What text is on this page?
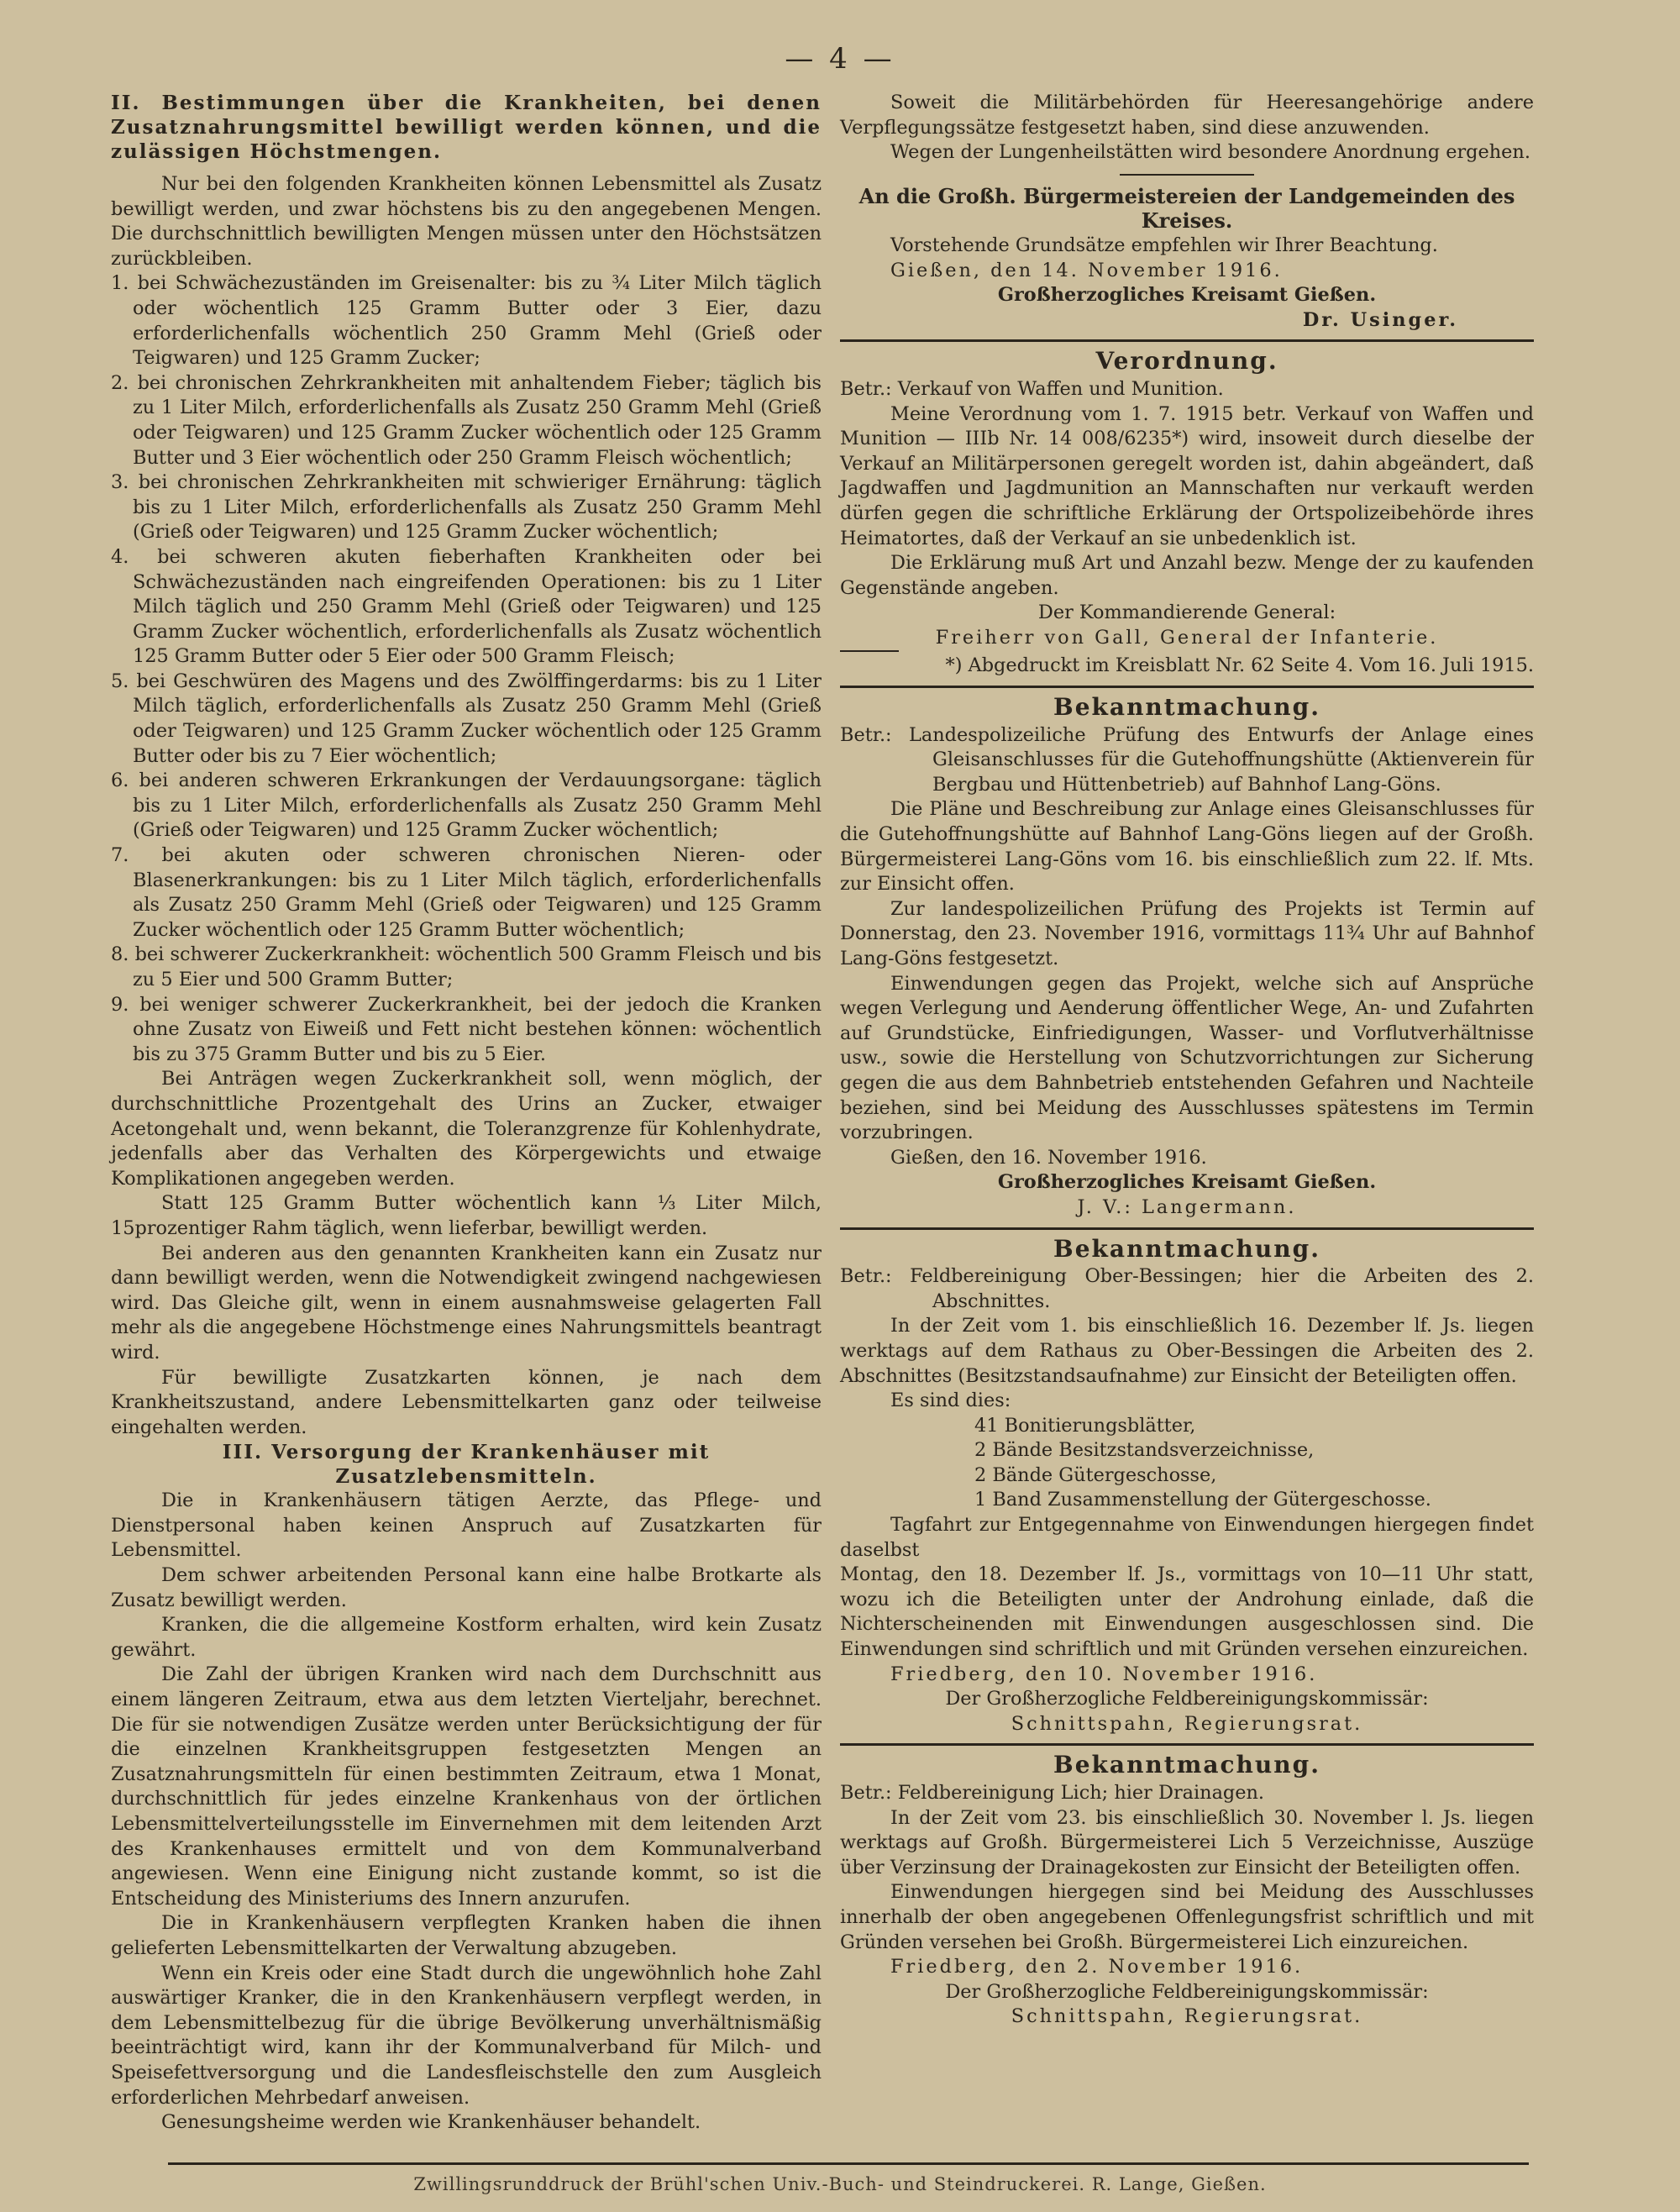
— 4 —

II. Bestimmungen über die Krankheiten, bei denen Zusatznahrungsmittel bewilligt werden können, und die zulässigen Höchstmengen.

Nur bei den folgenden Krankheiten können Lebensmittel als Zusatz bewilligt werden, und zwar höchstens bis zu den angegebenen Mengen. Die durchschnittlich bewilligten Mengen müssen unter den Höchstsätzen zurückbleiben.

1. bei Schwächezuständen im Greisenalter: bis zu ¾ Liter Milch täglich oder wöchentlich 125 Gramm Butter oder 3 Eier, dazu erforderlichenfalls wöchentlich 250 Gramm Mehl (Grieß oder Teigwaren) und 125 Gramm Zucker;

2. bei chronischen Zehrkrankheiten mit anhaltendem Fieber; täglich bis zu 1 Liter Milch, erforderlichenfalls als Zusatz 250 Gramm Mehl (Grieß oder Teigwaren) und 125 Gramm Zucker wöchentlich oder 125 Gramm Butter und 3 Eier wöchentlich oder 250 Gramm Fleisch wöchentlich;

3. bei chronischen Zehrkrankheiten mit schwieriger Ernährung: täglich bis zu 1 Liter Milch, erforderlichenfalls als Zusatz 250 Gramm Mehl (Grieß oder Teigwaren) und 125 Gramm Zucker wöchentlich;

4. bei schweren akuten fieberhaften Krankheiten oder bei Schwächezuständen nach eingreifenden Operationen: bis zu 1 Liter Milch täglich und 250 Gramm Mehl (Grieß oder Teigwaren) und 125 Gramm Zucker wöchentlich, erforderlichenfalls als Zusatz wöchentlich 125 Gramm Butter oder 5 Eier oder 500 Gramm Fleisch;

5. bei Geschwüren des Magens und des Zwölffingerdarms: bis zu 1 Liter Milch täglich, erforderlichenfalls als Zusatz 250 Gramm Mehl (Grieß oder Teigwaren) und 125 Gramm Zucker wöchentlich oder 125 Gramm Butter oder bis zu 7 Eier wöchentlich;

6. bei anderen schweren Erkrankungen der Verdauungsorgane: täglich bis zu 1 Liter Milch, erforderlichenfalls als Zusatz 250 Gramm Mehl (Grieß oder Teigwaren) und 125 Gramm Zucker wöchentlich;

7. bei akuten oder schweren chronischen Nieren- oder Blasenerkrankungen: bis zu 1 Liter Milch täglich, erforderlichenfalls als Zusatz 250 Gramm Mehl (Grieß oder Teigwaren) und 125 Gramm Zucker wöchentlich oder 125 Gramm Butter wöchentlich;

8. bei schwerer Zuckerkrankheit: wöchentlich 500 Gramm Fleisch und bis zu 5 Eier und 500 Gramm Butter;

9. bei weniger schwerer Zuckerkrankheit, bei der jedoch die Kranken ohne Zusatz von Eiweiß und Fett nicht bestehen können: wöchentlich bis zu 375 Gramm Butter und bis zu 5 Eier.

Bei Anträgen wegen Zuckerkrankheit soll, wenn möglich, der durchschnittliche Prozentgehalt des Urins an Zucker, etwaiger Acetongehalt und, wenn bekannt, die Toleranzgrenze für Kohlenhydrate, jedenfalls aber das Verhalten des Körpergewichts und etwaige Komplikationen angegeben werden.

Statt 125 Gramm Butter wöchentlich kann ⅓ Liter Milch, 15prozentiger Rahm täglich, wenn lieferbar, bewilligt werden.

Bei anderen aus den genannten Krankheiten kann ein Zusatz nur dann bewilligt werden, wenn die Notwendigkeit zwingend nachgewiesen wird. Das Gleiche gilt, wenn in einem ausnahmsweise gelagerten Fall mehr als die angegebene Höchstmenge eines Nahrungsmittels beantragt wird.

Für bewilligte Zusatzkarten können, je nach dem Krankheitszustand, andere Lebensmittelkarten ganz oder teilweise eingehalten werden.

III. Versorgung der Krankenhäuser mit Zusatzlebensmitteln.

Die in Krankenhäusern tätigen Aerzte, das Pflege- und Dienstpersonal haben keinen Anspruch auf Zusatzkarten für Lebensmittel.

Dem schwer arbeitenden Personal kann eine halbe Brotkarte als Zusatz bewilligt werden.

Kranken, die die allgemeine Kostform erhalten, wird kein Zusatz gewährt.

Die Zahl der übrigen Kranken wird nach dem Durchschnitt aus einem längeren Zeitraum, etwa aus dem letzten Vierteljahr, berechnet. Die für sie notwendigen Zusätze werden unter Berücksichtigung der für die einzelnen Krankheitsgruppen festgesetzten Mengen an Zusatznahrungsmitteln für einen bestimmten Zeitraum, etwa 1 Monat, durchschnittlich für jedes einzelne Krankenhaus von der örtlichen Lebensmittelverteilungsstelle im Einvernehmen mit dem leitenden Arzt des Krankenhauses ermittelt und von dem Kommunalverband angewiesen. Wenn eine Einigung nicht zustande kommt, so ist die Entscheidung des Ministeriums des Innern anzurufen.

Die in Krankenhäusern verpflegten Kranken haben die ihnen gelieferten Lebensmittelkarten der Verwaltung abzugeben.

Wenn ein Kreis oder eine Stadt durch die ungewöhnlich hohe Zahl auswärtiger Kranker, die in den Krankenhäusern verpflegt werden, in dem Lebensmittelbezug für die übrige Bevölkerung unverhältnismäßig beeinträchtigt wird, kann ihr der Kommunalverband für Milch- und Speisefettversorgung und die Landesfleischstelle den zum Ausgleich erforderlichen Mehrbedarf anweisen.

Genesungsheime werden wie Krankenhäuser behandelt.

Soweit die Militärbehörden für Heeresangehörige andere Verpflegungssätze festgesetzt haben, sind diese anzuwenden.

Wegen der Lungenheilstätten wird besondere Anordnung ergehen.

An die Großh. Bürgermeistereien der Landgemeinden des Kreises.

Vorstehende Grundsätze empfehlen wir Ihrer Beachtung.

Gießen, den 14. November 1916.

Großherzogliches Kreisamt Gießen.

Dr. Usinger.

Verordnung.

Betr.: Verkauf von Waffen und Munition.

Meine Verordnung vom 1. 7. 1915 betr. Verkauf von Waffen und Munition — IIIb Nr. 14 008/6235*) wird, insoweit durch dieselbe der Verkauf an Militärpersonen geregelt worden ist, dahin abgeändert, daß Jagdwaffen und Jagdmunition an Mannschaften nur verkauft werden dürfen gegen die schriftliche Erklärung der Ortspolizeibehörde ihres Heimatortes, daß der Verkauf an sie unbedenklich ist.

Die Erklärung muß Art und Anzahl bezw. Menge der zu kaufenden Gegenstände angeben.

Der Kommandierende General:

Freiherr von Gall, General der Infanterie.

*) Abgedruckt im Kreisblatt Nr. 62 Seite 4. Vom 16. Juli 1915.

Bekanntmachung.

Betr.: Landespolizeiliche Prüfung des Entwurfs der Anlage eines Gleisanschlusses für die Gutehoffnungshütte (Aktienverein für Bergbau und Hüttenbetrieb) auf Bahnhof Lang-Göns.

Die Pläne und Beschreibung zur Anlage eines Gleisanschlusses für die Gutehoffnungshütte auf Bahnhof Lang-Göns liegen auf der Großh. Bürgermeisterei Lang-Göns vom 16. bis einschließlich zum 22. lf. Mts. zur Einsicht offen.

Zur landespolizeilichen Prüfung des Projekts ist Termin auf Donnerstag, den 23. November 1916, vormittags 11¾ Uhr auf Bahnhof Lang-Göns festgesetzt.

Einwendungen gegen das Projekt, welche sich auf Ansprüche wegen Verlegung und Aenderung öffentlicher Wege, An- und Zufahrten auf Grundstücke, Einfriedigungen, Wasser- und Vorflutverhältnisse usw., sowie die Herstellung von Schutzvorrichtungen zur Sicherung gegen die aus dem Bahnbetrieb entstehenden Gefahren und Nachteile beziehen, sind bei Meidung des Ausschlusses spätestens im Termin vorzubringen.

Gießen, den 16. November 1916.

Großherzogliches Kreisamt Gießen.

J. V.: Langermann.

Bekanntmachung.

Betr.: Feldbereinigung Ober-Bessingen; hier die Arbeiten des 2. Abschnittes.

In der Zeit vom 1. bis einschließlich 16. Dezember lf. Js. liegen werktags auf dem Rathaus zu Ober-Bessingen die Arbeiten des 2. Abschnittes (Besitzstandsaufnahme) zur Einsicht der Beteiligten offen.

Es sind dies:

41 Bonitierungsblätter,

2 Bände Besitzstandsverzeichnisse,

2 Bände Gütergeschosse,

1 Band Zusammenstellung der Gütergeschosse.

Tagfahrt zur Entgegennahme von Einwendungen hiergegen findet daselbst

Montag, den 18. Dezember lf. Js., vormittags von 10—11 Uhr statt, wozu ich die Beteiligten unter der Androhung einlade, daß die Nichterscheinenden mit Einwendungen ausgeschlossen sind. Die Einwendungen sind schriftlich und mit Gründen versehen einzureichen.

Friedberg, den 10. November 1916.

Der Großherzogliche Feldbereinigungskommissär:

Schnittspahn, Regierungsrat.

Bekanntmachung.

Betr.: Feldbereinigung Lich; hier Drainagen.

In der Zeit vom 23. bis einschließlich 30. November l. Js. liegen werktags auf Großh. Bürgermeisterei Lich 5 Verzeichnisse, Auszüge über Verzinsung der Drainagekosten zur Einsicht der Beteiligten offen.

Einwendungen hiergegen sind bei Meidung des Ausschlusses innerhalb der oben angegebenen Offenlegungsfrist schriftlich und mit Gründen versehen bei Großh. Bürgermeisterei Lich einzureichen.

Friedberg, den 2. November 1916.

Der Großherzogliche Feldbereinigungskommissär:

Schnittspahn, Regierungsrat.

Zwillingsrunddruck der Brühl'schen Univ.-Buch- und Steindruckerei. R. Lange, Gießen.
